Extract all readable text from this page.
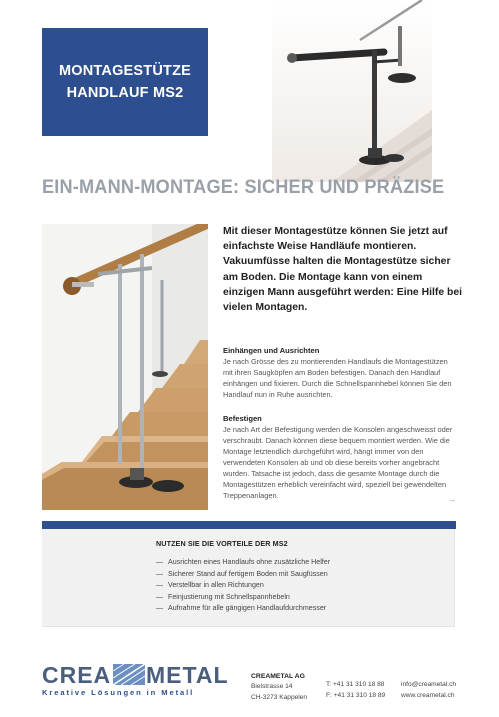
MONTAGESTÜTZE
HANDLAUF MS2
EIN-MANN-MONTAGE: SICHER UND PRÄZISE
Mit dieser Montagestütze können Sie jetzt auf einfachste Weise Handläufe montieren. Vakuumfüsse halten die Montagestütze sicher am Boden. Die Montage kann von einem einzigen Mann ausgeführt werden: Eine Hilfe bei vielen Montagen.
Einhängen und Ausrichten
Je nach Grösse des zu montierenden Handlaufs die Montagestützen mit ihren Saugköpfen am Boden befestigen. Danach den Handlauf einhängen und fixieren. Durch die Schnellspannhebel können Sie den Handlauf nun in Ruhe ausrichten.
Befestigen
Je nach Art der Befestigung werden die Konsolen angeschweisst oder verschraubt. Danach können diese bequem montiert werden. Wie die Montage letztendlich durchgeführt wird, hängt immer von den verwendeten Konsolen ab und ob diese bereits vorher angebracht wurden. Tatsache ist jedoch, dass die gesamte Montage durch die Montagestützen erheblich vereinfacht wird, speziell bei gewendelten Treppenanlagen.	→
NUTZEN SIE DIE VORTEILE DER MS2
— Ausrichten eines Handlaufs ohne zusätzliche Helfer
— Sicherer Stand auf fertigem Boden mit Saugfüssen
— Verstellbar in allen Richtungen
— Feinjustierung mit Schnellspannhebeln
— Aufnahme für alle gängigen Handlaufdurchmesser
CREA METAL
Kreative Lösungen in Metall
CREAMETAL AG
Bielstrasse 14
CH-3273 Kappelen
T: +41 31 310 18 88
F: +41 31 310 18 89
info@creametal.ch
www.creametal.ch
